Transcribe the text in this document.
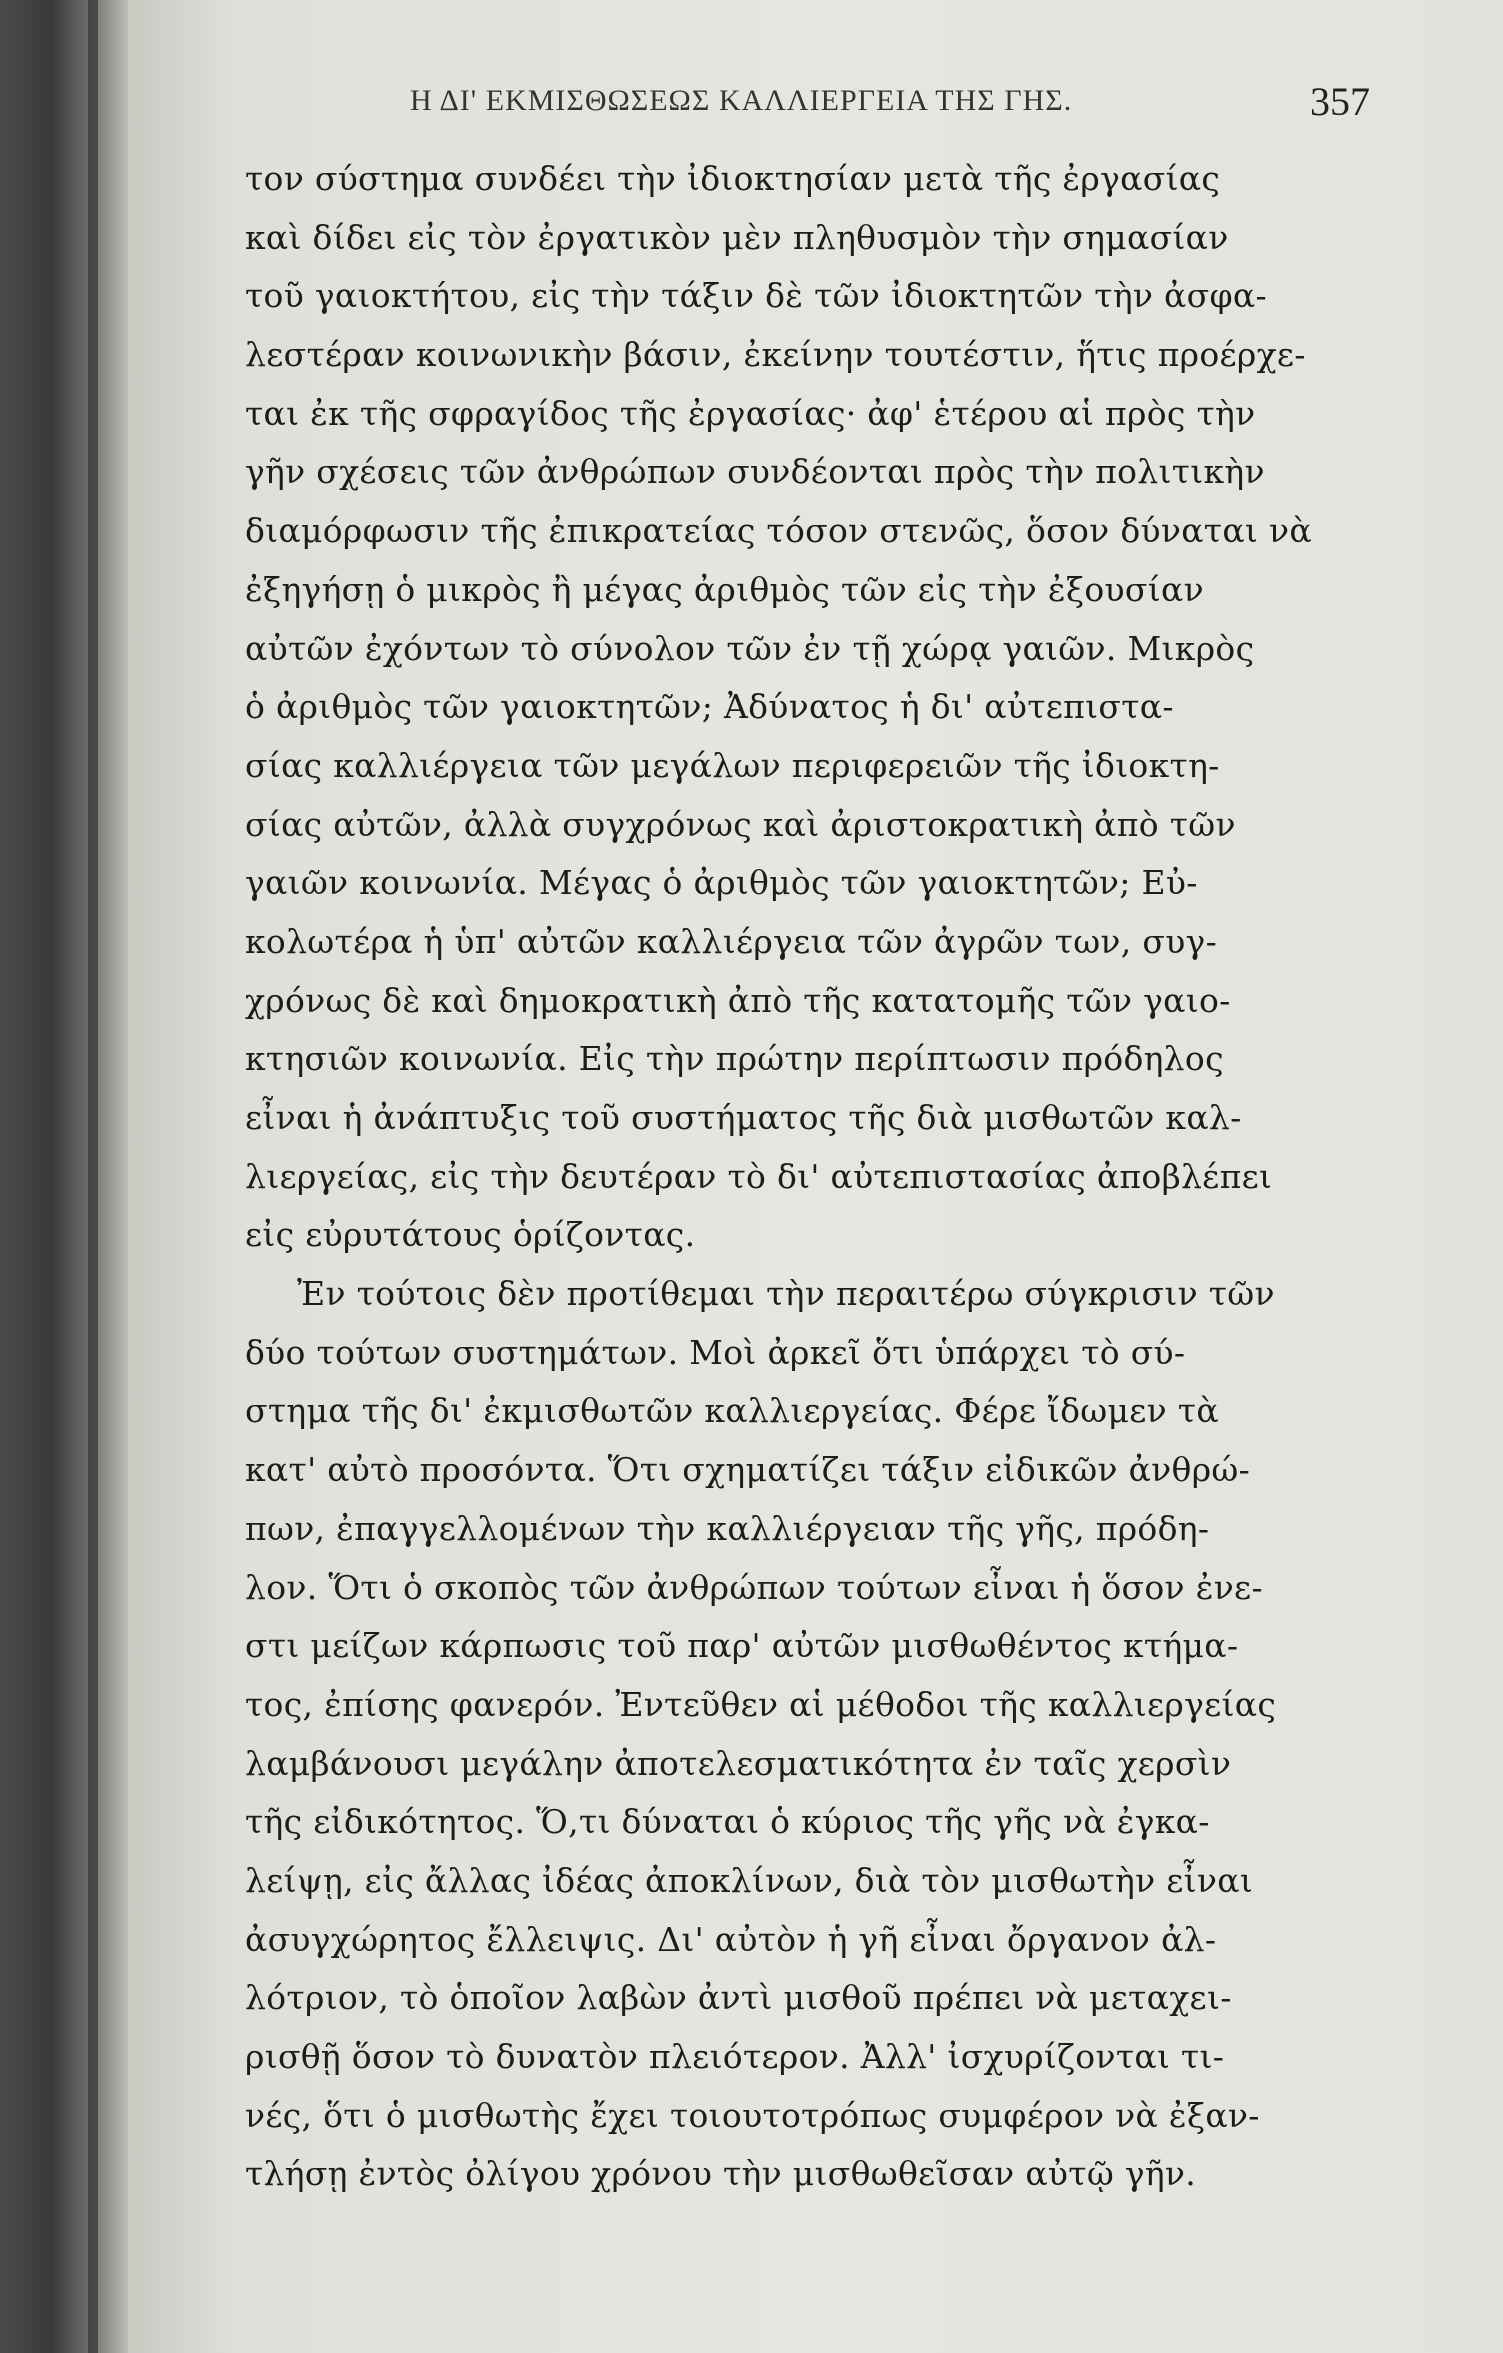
Η ΔΙ' ΕΚΜΙΣΘΩΣΕΩΣ ΚΑΛΛΙΕΡΓΕΙΑ ΤΗΣ ΓΗΣ.	357
τον σύστημα συνδέει τὴν ἰδιοκτησίαν μετὰ τῆς ἐργασίας
καὶ δίδει εἰς τὸν ἐργατικὸν μὲν πληθυσμὸν τὴν σημασίαν
τοῦ γαιοκτήτου, εἰς τὴν τάξιν δὲ τῶν ἰδιοκτητῶν τὴν ἀσφα-
λεστέραν κοινωνικὴν βάσιν, ἐκείνην τουτέστιν, ἥτις προέρχε-
ται ἐκ τῆς σφραγίδος τῆς ἐργασίας· ἀφ' ἑτέρου αἱ πρὸς τὴν
γῆν σχέσεις τῶν ἀνθρώπων συνδέονται πρὸς τὴν πολιτικὴν
διαμόρφωσιν τῆς ἐπικρατείας τόσον στενῶς, ὅσον δύναται νὰ
ἐξηγήσῃ ὁ μικρὸς ἢ μέγας ἀριθμὸς τῶν εἰς τὴν ἐξουσίαν
αὐτῶν ἐχόντων τὸ σύνολον τῶν ἐν τῇ χώρᾳ γαιῶν. Μικρὸς
ὁ ἀριθμὸς τῶν γαιοκτητῶν; Ἀδύνατος ἡ δι' αὐτεπιστα-
σίας καλλιέργεια τῶν μεγάλων περιφερειῶν τῆς ἰδιοκτη-
σίας αὐτῶν, ἀλλὰ συγχρόνως καὶ ἀριστοκρατικὴ ἀπὸ τῶν
γαιῶν κοινωνία. Μέγας ὁ ἀριθμὸς τῶν γαιοκτητῶν; Εὐ-
κολωτέρα ἡ ὑπ' αὐτῶν καλλιέργεια τῶν ἀγρῶν των, συγ-
χρόνως δὲ καὶ δημοκρατικὴ ἀπὸ τῆς κατατομῆς τῶν γαιο-
κτησιῶν κοινωνία. Εἰς τὴν πρώτην περίπτωσιν πρόδηλος
εἶναι ἡ ἀνάπτυξις τοῦ συστήματος τῆς διὰ μισθωτῶν καλ-
λιεργείας, εἰς τὴν δευτέραν τὸ δι' αὐτεπιστασίας ἀποβλέπει
εἰς εὐρυτάτους ὁρίζοντας.
Ἐν τούτοις δὲν προτίθεμαι τὴν περαιτέρω σύγκρισιν τῶν
δύο τούτων συστημάτων. Μοὶ ἀρκεῖ ὅτι ὑπάρχει τὸ σύ-
στημα τῆς δι' ἐκμισθωτῶν καλλιεργείας. Φέρε ἴδωμεν τὰ
κατ' αὐτὸ προσόντα. Ὅτι σχηματίζει τάξιν εἰδικῶν ἀνθρώ-
πων, ἐπαγγελλομένων τὴν καλλιέργειαν τῆς γῆς, πρόδη-
λον. Ὅτι ὁ σκοπὸς τῶν ἀνθρώπων τούτων εἶναι ἡ ὅσον ἐνε-
στι μείζων κάρπωσις τοῦ παρ' αὐτῶν μισθωθέντος κτήμα-
τος, ἐπίσης φανερόν. Ἐντεῦθεν αἱ μέθοδοι τῆς καλλιεργείας
λαμβάνουσι μεγάλην ἀποτελεσματικότητα ἐν ταῖς χερσὶν
τῆς εἰδικότητος. Ὅ,τι δύναται ὁ κύριος τῆς γῆς νὰ ἐγκα-
λείψῃ, εἰς ἄλλας ἰδέας ἀποκλίνων, διὰ τὸν μισθωτὴν εἶναι
ἀσυγχώρητος ἔλλειψις. Δι' αὐτὸν ἡ γῆ εἶναι ὄργανον ἀλ-
λότριον, τὸ ὁποῖον λαβὼν ἀντὶ μισθοῦ πρέπει νὰ μεταχει-
ρισθῇ ὅσον τὸ δυνατὸν πλειότερον. Ἀλλ' ἰσχυρίζονται τι-
νές, ὅτι ὁ μισθωτὴς ἔχει τοιουτοτρόπως συμφέρον νὰ ἐξαν-
τλήσῃ ἐντὸς ὀλίγου χρόνου τὴν μισθωθεῖσαν αὐτῷ γῆν.
